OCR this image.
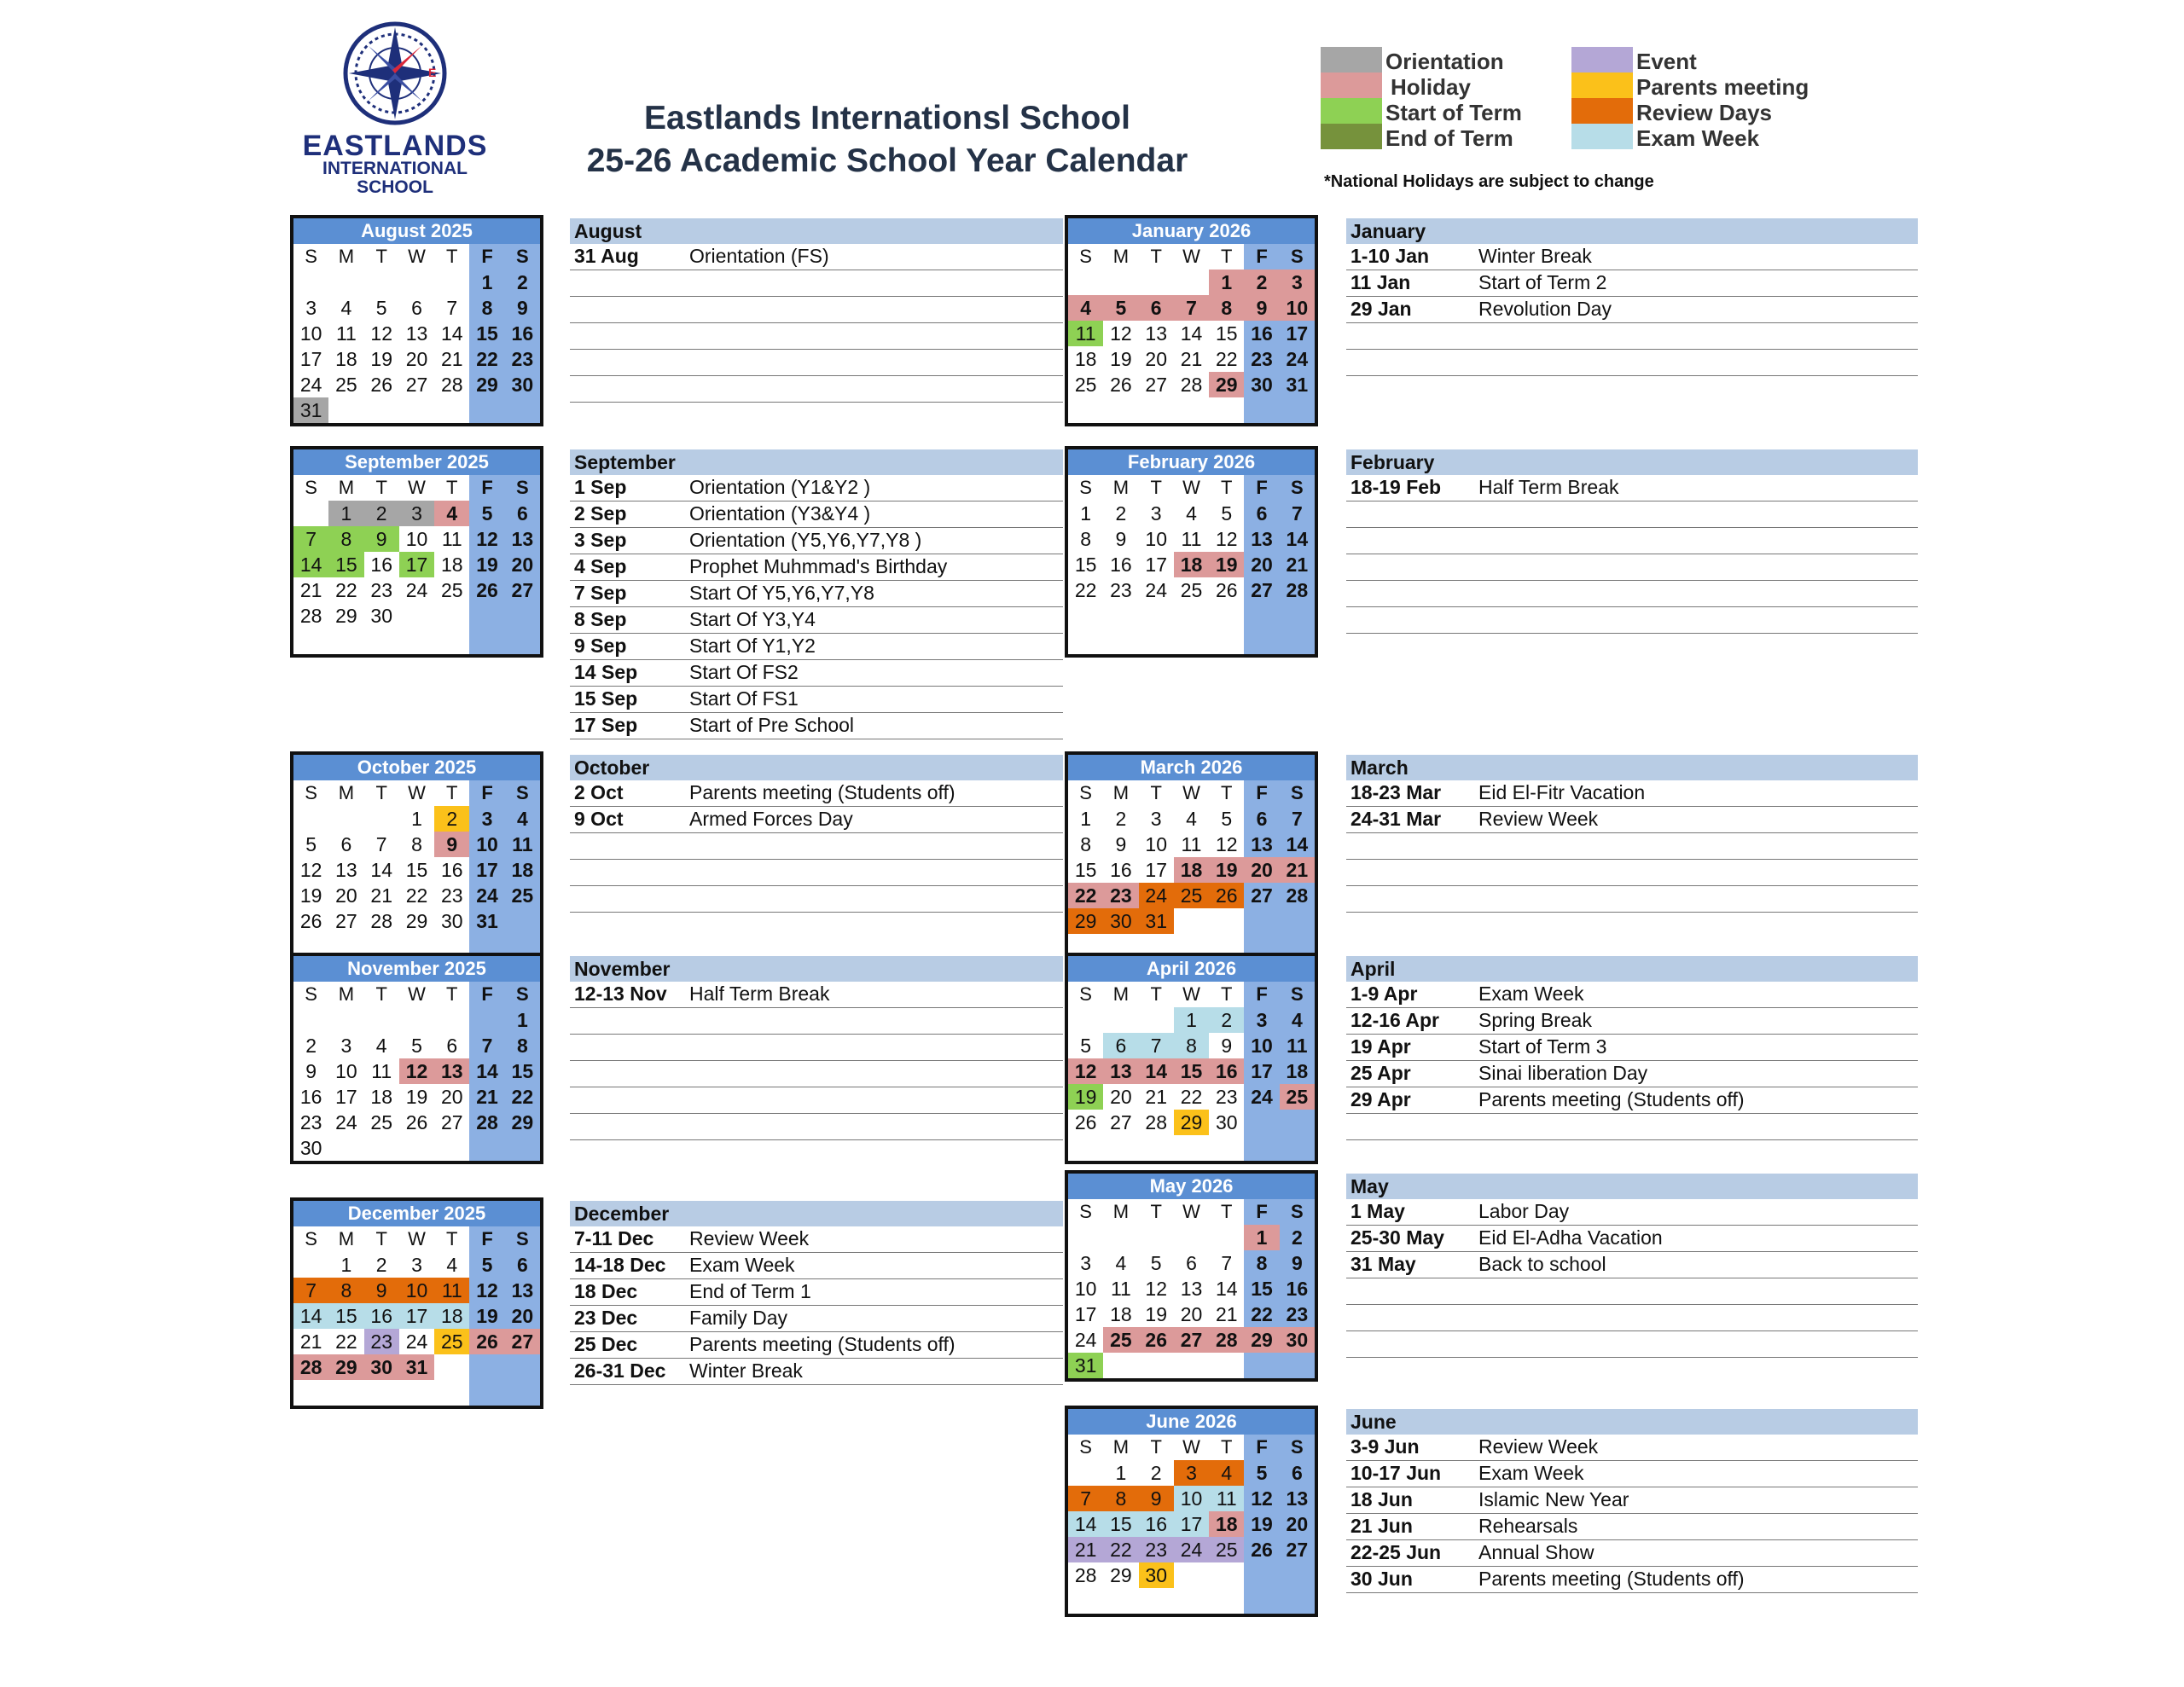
E
EASTLANDS
INTERNATIONAL
SCHOOL
Eastlands Internationsl School
25-26 Academic School Year Calendar
Orientation
Holiday
Start of Term
End of Term
Event
Parents meeting
Review Days
Exam Week
*National Holidays are subject to change
August 2025
S	M	T	W	T	F	S
					1	2
3	4	5	6	7	8	9
10	11	12	13	14	15	16
17	18	19	20	21	22	23
24	25	26	27	28	29	30
31						
September 2025
S	M	T	W	T	F	S
	1	2	3	4	5	6
7	8	9	10	11	12	13
14	15	16	17	18	19	20
21	22	23	24	25	26	27
28	29	30				

October 2025
S	M	T	W	T	F	S
			1	2	3	4
5	6	7	8	9	10	11
12	13	14	15	16	17	18
19	20	21	22	23	24	25
26	27	28	29	30	31	

November 2025
S	M	T	W	T	F	S
						1
2	3	4	5	6	7	8
9	10	11	12	13	14	15
16	17	18	19	20	21	22
23	24	25	26	27	28	29
30						
December 2025
S	M	T	W	T	F	S
	1	2	3	4	5	6
7	8	9	10	11	12	13
14	15	16	17	18	19	20
21	22	23	24	25	26	27
28	29	30	31			

January 2026
S	M	T	W	T	F	S
				1	2	3
4	5	6	7	8	9	10
11	12	13	14	15	16	17
18	19	20	21	22	23	24
25	26	27	28	29	30	31

February 2026
S	M	T	W	T	F	S
1	2	3	4	5	6	7
8	9	10	11	12	13	14
15	16	17	18	19	20	21
22	23	24	25	26	27	28

March 2026
S	M	T	W	T	F	S
1	2	3	4	5	6	7
8	9	10	11	12	13	14
15	16	17	18	19	20	21
22	23	24	25	26	27	28
29	30	31				

April 2026
S	M	T	W	T	F	S
			1	2	3	4
5	6	7	8	9	10	11
12	13	14	15	16	17	18
19	20	21	22	23	24	25
26	27	28	29	30		

May 2026
S	M	T	W	T	F	S
					1	2
3	4	5	6	7	8	9
10	11	12	13	14	15	16
17	18	19	20	21	22	23
24	25	26	27	28	29	30
31						
June 2026
S	M	T	W	T	F	S
	1	2	3	4	5	6
7	8	9	10	11	12	13
14	15	16	17	18	19	20
21	22	23	24	25	26	27
28	29	30				

August
31 Aug	Orientation (FS)
September
1 Sep	Orientation (Y1&Y2 )
2 Sep	Orientation (Y3&Y4 )
3 Sep	Orientation (Y5,Y6,Y7,Y8 )
4 Sep	Prophet Muhmmad's Birthday
7 Sep	Start Of Y5,Y6,Y7,Y8
8 Sep	Start Of Y3,Y4
9 Sep	Start Of Y1,Y2
14 Sep	Start Of FS2
15 Sep	Start Of FS1
17 Sep	Start of Pre School
October
2 Oct	Parents meeting (Students off)
9 Oct	Armed Forces Day
November
12-13 Nov Half Term Break
December
7-11 Dec Review Week
14-18 Dec Exam Week
18 Dec	End of Term 1
23 Dec	Family Day
25 Dec	Parents meeting (Students off)
26-31 Dec Winter Break
January
1-10 Jan	Winter Break
11 Jan	Start of Term 2
29 Jan	Revolution Day
February
18-19 Feb Half Term Break
March
18-23 Mar Eid El-Fitr Vacation
24-31 Mar Review Week
April
1-9 Apr	Exam Week
12-16 Apr Spring Break
19 Apr	Start of Term 3
25 Apr	Sinai liberation Day
29 Apr	Parents meeting (Students off)
May
1 May	Labor Day
25-30 May Eid El-Adha Vacation
31 May	Back to school
June
3-9 Jun	Review Week
10-17 Jun Exam Week
18 Jun	Islamic New Year
21 Jun	Rehearsals
22-25 Jun Annual Show
30 Jun	Parents meeting (Students off)
